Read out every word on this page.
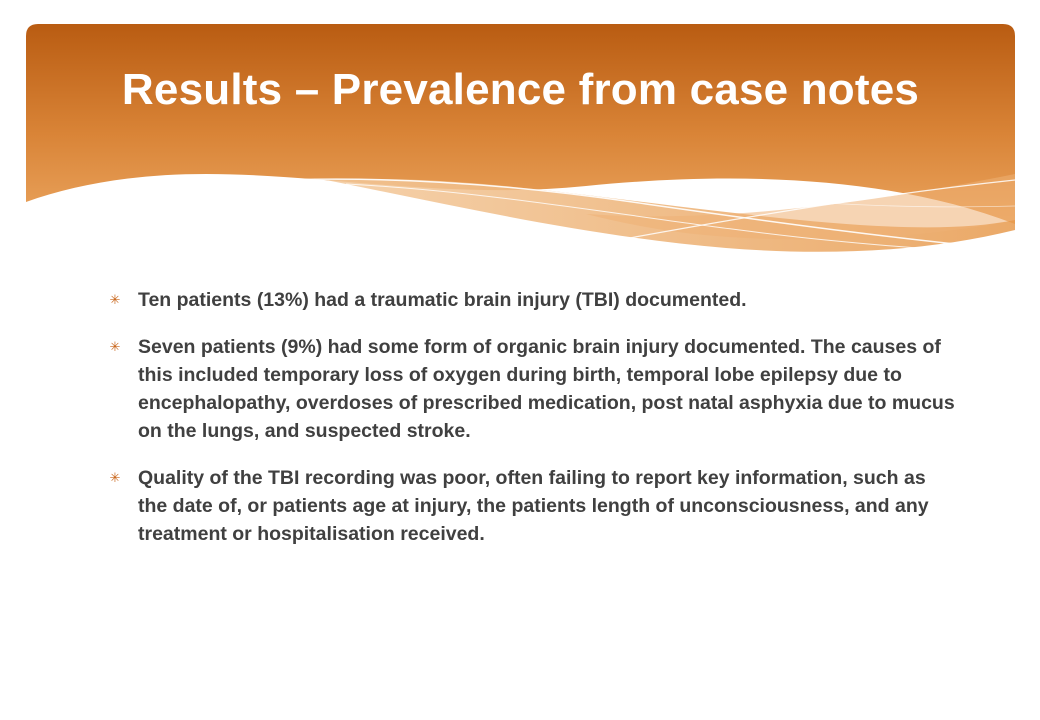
Results – Prevalence from case notes
✳ Ten patients (13%) had a traumatic brain injury (TBI) documented.
✳ Seven patients (9%) had some form of organic brain injury documented. The causes of this included temporary loss of oxygen during birth, temporal lobe epilepsy due to encephalopathy, overdoses of prescribed medication, post natal asphyxia due to mucus on the lungs, and suspected stroke.
✳ Quality of the TBI recording was poor, often failing to report key information, such as the date of, or patients age at injury, the patients length of unconsciousness, and any treatment or hospitalisation received.
